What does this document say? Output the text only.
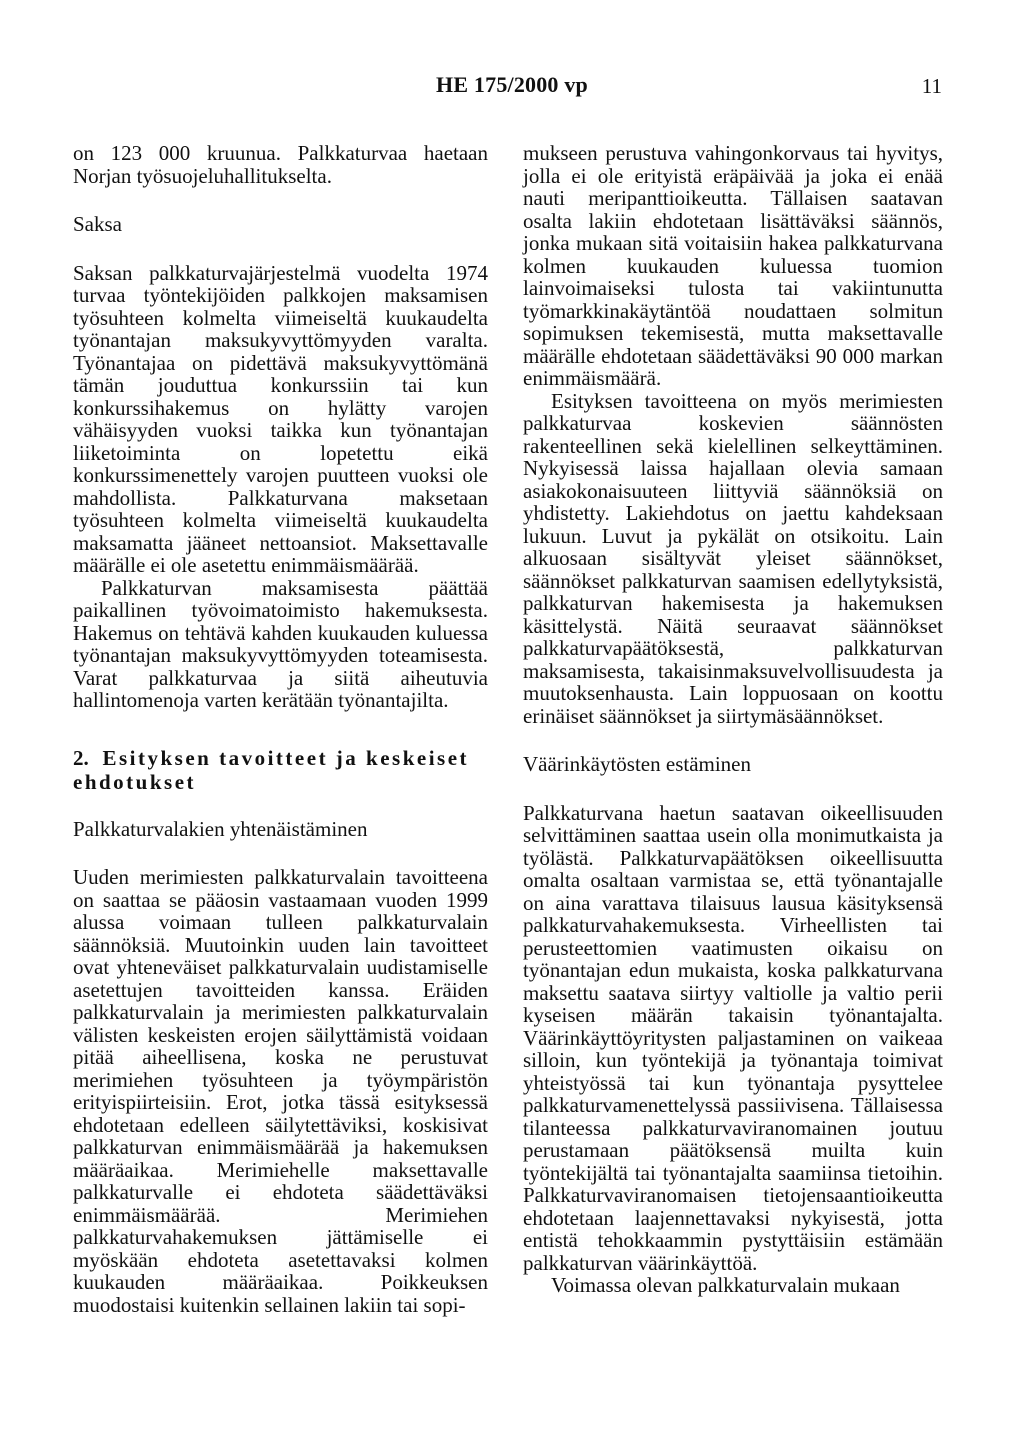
HE 175/2000 vp	11

on 123 000 kruunua. Palkkaturvaa haetaan Norjan työsuojeluhallitukselta.

Saksa

Saksan palkkaturvajärjestelmä vuodelta 1974 turvaa työntekijöiden palkkojen maksamisen työsuhteen kolmelta viimeiseltä kuukaudelta työnantajan maksukyvyttömyyden varalta. Työnantajaa on pidettävä maksukyvyttömänä tämän jouduttua konkurssiin tai kun konkurssihakemus on hylätty varojen vähäisyyden vuoksi taikka kun työnantajan liiketoiminta on lopetettu eikä konkurssimenettely varojen puutteen vuoksi ole mahdollista. Palkkaturvana maksetaan työsuhteen kolmelta viimeiseltä kuukaudelta maksamatta jääneet nettoansiot. Maksettavalle määrälle ei ole asetettu enimmäismäärää.

Palkkaturvan maksamisesta päättää paikallinen työvoimatoimisto hakemuksesta. Hakemus on tehtävä kahden kuukauden kuluessa työnantajan maksukyvyttömyyden toteamisesta. Varat palkkaturvaa ja siitä aiheutuvia hallintomenoja varten kerätään työnantajilta.

2. Esityksen tavoitteet ja keskeiset ehdotukset

Palkkaturvalakien yhtenäistäminen

Uuden merimiesten palkkaturvalain tavoitteena on saattaa se pääosin vastaamaan vuoden 1999 alussa voimaan tulleen palkkaturvalain säännöksiä. Muutoinkin uuden lain tavoitteet ovat yhteneväiset palkkaturvalain uudistamiselle asetettujen tavoitteiden kanssa. Eräiden palkkaturvalain ja merimiesten palkkaturvalain välisten keskeisten erojen säilyttämistä voidaan pitää aiheellisena, koska ne perustuvat merimiehen työsuhteen ja työympäristön erityispiirteisiin. Erot, jotka tässä esityksessä ehdotetaan edelleen säilytettäviksi, koskisivat palkkaturvan enimmäismäärää ja hakemuksen määräaikaa. Merimiehelle maksettavalle palkkaturvalle ei ehdoteta säädettäväksi enimmäismäärää. Merimiehen palkkaturvahakemuksen jättämiselle ei myöskään ehdoteta asetettavaksi kolmen kuukauden määräaikaa. Poikkeuksen muodostaisi kuitenkin sellainen lakiin tai sopi-

mukseen perustuva vahingonkorvaus tai hyvitys, jolla ei ole erityistä eräpäivää ja joka ei enää nauti meripanttioikeutta. Tällaisen saatavan osalta lakiin ehdotetaan lisättäväksi säännös, jonka mukaan sitä voitaisiin hakea palkkaturvana kolmen kuukauden kuluessa tuomion lainvoimaiseksi tulosta tai vakiintunutta työmarkkinakäytäntöä noudattaen solmitun sopimuksen tekemisestä, mutta maksettavalle määrälle ehdotetaan säädettäväksi 90 000 markan enimmäismäärä.

Esityksen tavoitteena on myös merimiesten palkkaturvaa koskevien säännösten rakenteellinen sekä kielellinen selkeyttäminen. Nykyisessä laissa hajallaan olevia samaan asiakokonaisuuteen liittyviä säännöksiä on yhdistetty. Lakiehdotus on jaettu kahdeksaan lukuun. Luvut ja pykälät on otsikoitu. Lain alkuosaan sisältyvät yleiset säännökset, säännökset palkkaturvan saamisen edellytyksistä, palkkaturvan hakemisesta ja hakemuksen käsittelystä. Näitä seuraavat säännökset palkkaturvapäätöksestä, palkkaturvan maksamisesta, takaisinmaksuvelvollisuudesta ja muutoksenhausta. Lain loppuosaan on koottu erinäiset säännökset ja siirtymäsäännökset.

Väärinkäytösten estäminen

Palkkaturvana haetun saatavan oikeellisuuden selvittäminen saattaa usein olla monimutkaista ja työlästä. Palkkaturvapäätöksen oikeellisuutta omalta osaltaan varmistaa se, että työnantajalle on aina varattava tilaisuus lausua käsityksensä palkkaturvahakemuksesta. Virheellisten tai perusteettomien vaatimusten oikaisu on työnantajan edun mukaista, koska palkkaturvana maksettu saatava siirtyy valtiolle ja valtio perii kyseisen määrän takaisin työnantajalta. Väärinkäyttöyritysten paljastaminen on vaikeaa silloin, kun työntekijä ja työnantaja toimivat yhteistyössä tai kun työnantaja pysyttelee palkkaturvamenettelyssä passiivisena. Tällaisessa tilanteessa palkkaturvaviranomainen joutuu perustamaan päätöksensä muilta kuin työntekijältä tai työnantajalta saamiinsa tietoihin. Palkkaturvaviranomaisen tietojensaantioikeutta ehdotetaan laajennettavaksi nykyisestä, jotta entistä tehokkaammin pystyttäisiin estämään palkkaturvan väärinkäyttöä.

Voimassa olevan palkkaturvalain mukaan
